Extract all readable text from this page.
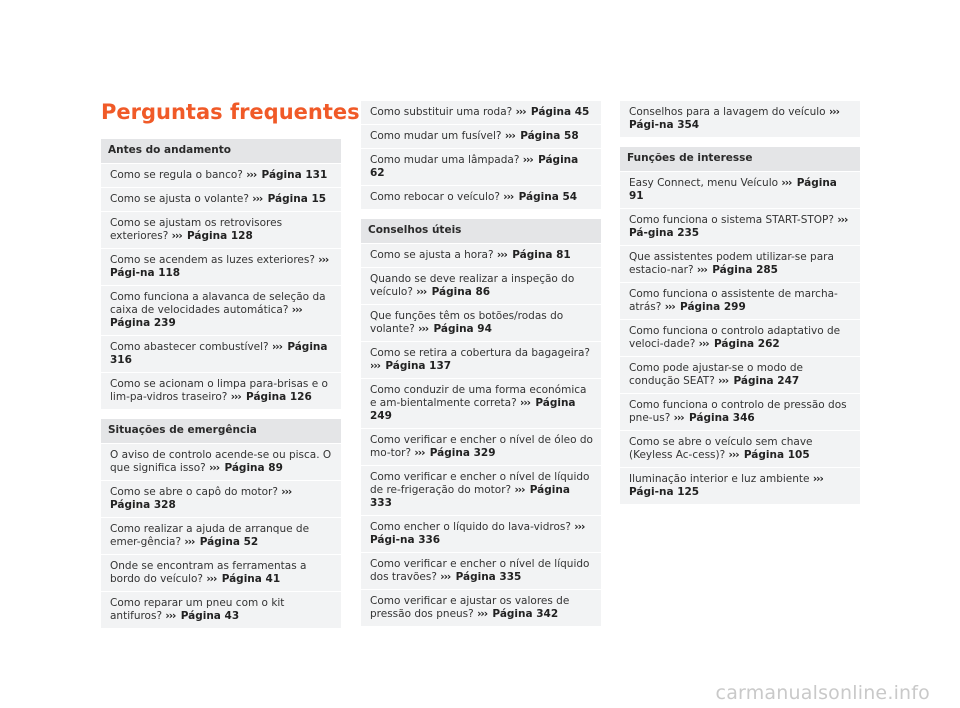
Perguntas frequentes
Antes do andamento
Como se regula o banco? ››› Página 131
Como se ajusta o volante? ››› Página 15
Como se ajustam os retrovisores exteriores? ››› Página 128
Como se acendem as luzes exteriores? ››› Pági-na 118
Como funciona a alavanca de seleção da caixa de velocidades automática? ››› Página 239
Como abastecer combustível? ››› Página 316
Como se acionam o limpa para-brisas e o lim-pa-vidros traseiro? ››› Página 126
Situações de emergência
O aviso de controlo acende-se ou pisca. O que significa isso? ››› Página 89
Como se abre o capô do motor? ››› Página 328
Como realizar a ajuda de arranque de emer-gência? ››› Página 52
Onde se encontram as ferramentas a bordo do veículo? ››› Página 41
Como reparar um pneu com o kit antifuros? ››› Página 43
Como substituir uma roda? ››› Página 45
Como mudar um fusível? ››› Página 58
Como mudar uma lâmpada? ››› Página 62
Como rebocar o veículo? ››› Página 54
Conselhos úteis
Como se ajusta a hora? ››› Página 81
Quando se deve realizar a inspeção do veículo? ››› Página 86
Que funções têm os botões/rodas do volante? ››› Página 94
Como se retira a cobertura da bagageira? ››› Página 137
Como conduzir de uma forma económica e am-bientalmente correta? ››› Página 249
Como verificar e encher o nível de óleo do mo-tor? ››› Página 329
Como verificar e encher o nível de líquido de re-frigeração do motor? ››› Página 333
Como encher o líquido do lava-vidros? ››› Pági-na 336
Como verificar e encher o nível de líquido dos travões? ››› Página 335
Como verificar e ajustar os valores de pressão dos pneus? ››› Página 342
Conselhos para a lavagem do veículo ››› Pági-na 354
Funções de interesse
Easy Connect, menu Veículo ››› Página 91
Como funciona o sistema START-STOP? ››› Pá-gina 235
Que assistentes podem utilizar-se para estacio-nar? ››› Página 285
Como funciona o assistente de marcha-atrás? ››› Página 299
Como funciona o controlo adaptativo de veloci-dade? ››› Página 262
Como pode ajustar-se o modo de condução SEAT? ››› Página 247
Como funciona o controlo de pressão dos pne-us? ››› Página 346
Como se abre o veículo sem chave (Keyless Ac-cess)? ››› Página 105
Iluminação interior e luz ambiente ››› Pági-na 125
carmanualsonline.info
